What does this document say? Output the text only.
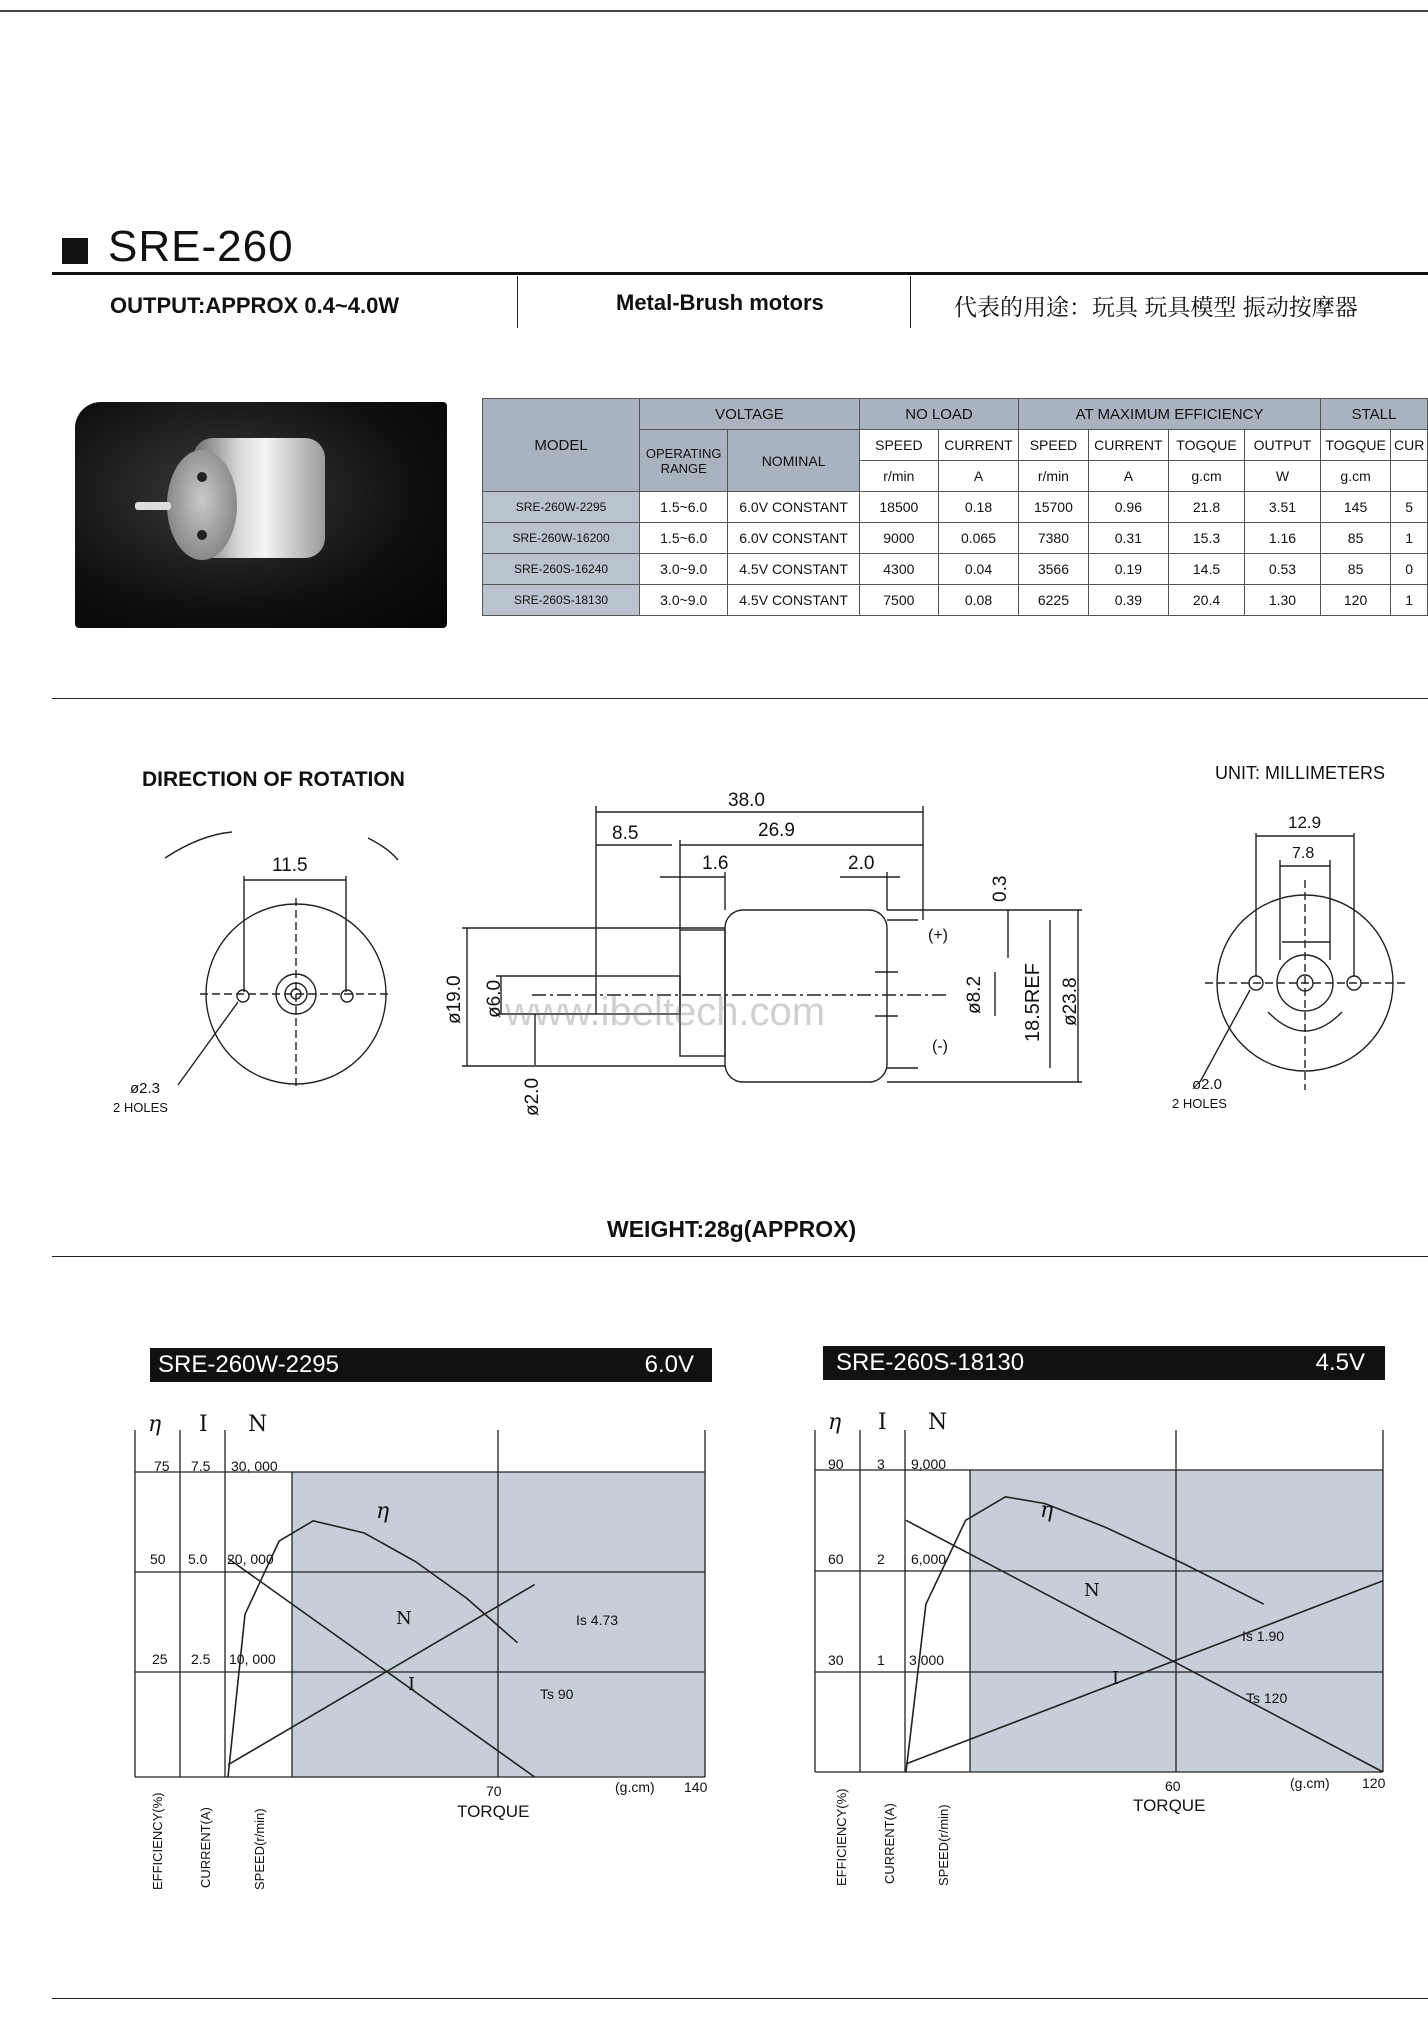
SRE-260
OUTPUT:APPROX 0.4~4.0W	Metal-Brush motors	代表的用途：玩具 玩具模型 振动按摩器
MODEL	VOLTAGE		NO LOAD		AT MAXIMUM EFFICIENCY				STALL	
	OPERATING RANGE	NOMINAL	SPEED	CURRENT	SPEED	CURRENT	TOGQUE	OUTPUT	TOGQUE	CUR
			r/min	A	r/min	A	g.cm	W	g.cm	
SRE-260W-2295	1.5~6.0	6.0V CONSTANT	18500	0.18	15700	0.96	21.8	3.51	145	5
SRE-260W-16200	1.5~6.0	6.0V CONSTANT	9000	0.065	7380	0.31	15.3	1.16	85	1
SRE-260S-16240	3.0~9.0	4.5V CONSTANT	4300	0.04	3566	0.19	14.5	0.53	85	0
SRE-260S-18130	3.0~9.0	4.5V CONSTANT	7500	0.08	6225	0.39	20.4	1.30	120	1
DIRECTION OF ROTATION	UNIT: MILLIMETERS
11.5
ø2.3
2 HOLES
38.0
8.5	26.9
1.6	2.0
0.3
ø19.0 ø6.0
ø2.0
ø8.2 18.5REF ø23.8
(+)
(-)
www.ibeltech.com
12.9
7.8
ø2.0
2 HOLES
WEIGHT:28g(APPROX)
SRE-260W-2295	6.0V
η I N
75
50
25
7.5
5.0
2.5
30, 000
20, 000
10, 000
η
N
I
Is 4.73
Ts 90
70	(g.cm) 140
TORQUE
EFFICIENCY(%)	CURRENT(A)	SPEED(r/min)
SRE-260S-18130	4.5V
η I N
90
60
30
3
2
1
9,000
6,000
3,000
η
N
I
Is 1.90
Ts 120
60	(g.cm) 120
TORQUE
EFFICIENCY(%)	CURRENT(A)	SPEED(r/min)
